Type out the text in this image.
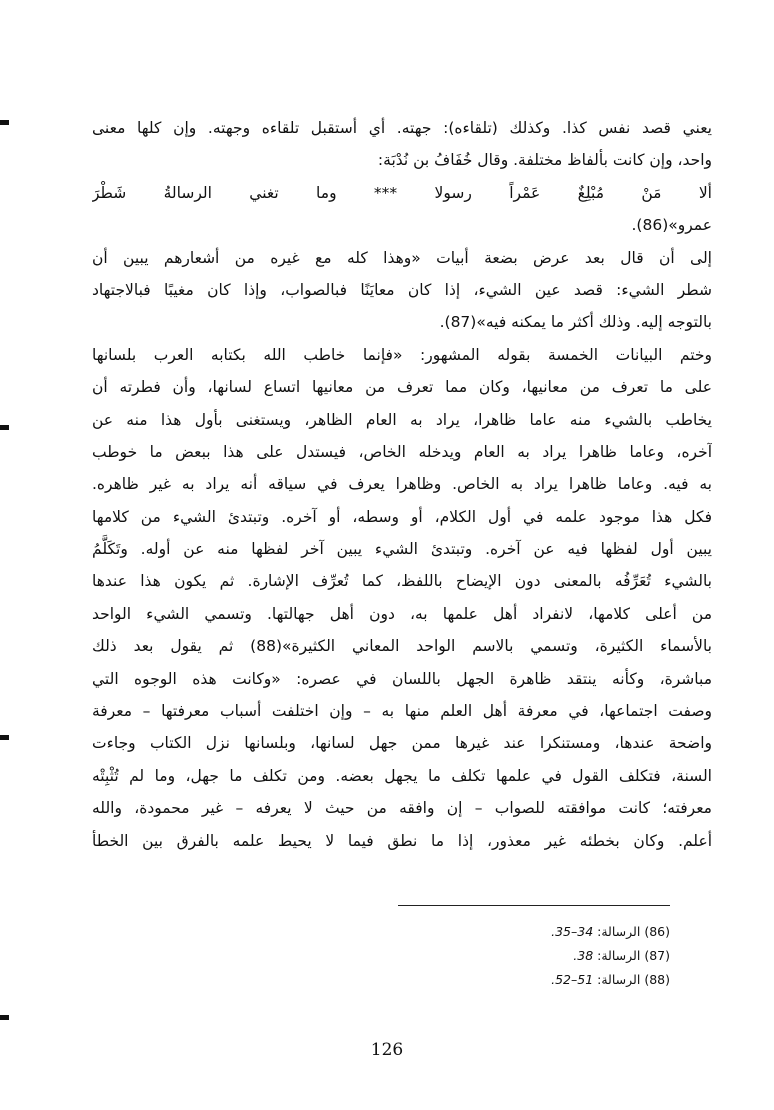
يعني قصد نفس كذا. وكذلك (تلقاءه): جهته. أي أستقبل تلقاءه وجهته. وإن كلها معنى
واحد، وإن كانت بألفاظ مختلفة. وقال خُفَافُ بن نُدْبَة:
ألا مَنْ مُبْلِغٌ عَمْراً رسولا *** وما تغني الرسالةُ شَطْرَ
عمرو»(86).
إلى أن قال بعد عرض بضعة أبيات «وهذا كله مع غيره من أشعارهم يبين أن
شطر الشيء: قصد عين الشيء، إذا كان معايَنًا فبالصواب، وإذا كان مغيبًا فبالاجتهاد
بالتوجه إليه. وذلك أكثر ما يمكنه فيه»(87).
وختم البيانات الخمسة بقوله المشهور: «فإنما خاطب الله بكتابه العرب بلسانها
على ما تعرف من معانيها، وكان مما تعرف من معانيها اتساع لسانها، وأن فطرته أن
يخاطب بالشيء منه عاما ظاهرا، يراد به العام الظاهر، ويستغنى بأول هذا منه عن
آخره، وعاما ظاهرا يراد به العام ويدخله الخاص، فيستدل على هذا ببعض ما خوطب
به فيه. وعاما ظاهرا يراد به الخاص. وظاهرا يعرف في سياقه أنه يراد به غير ظاهره.
فكل هذا موجود علمه في أول الكلام، أو وسطه، أو آخره. وتبتدئ الشيء من كلامها
يبين أول لفظها فيه عن آخره. وتبتدئ الشيء يبين آخر لفظها منه عن أوله. وتَكَلَّمُ
بالشيء تُعَرِّفُه بالمعنى دون الإيضاح باللفظ، كما تُعرِّف الإشارة. ثم يكون هذا عندها
من أعلى كلامها، لانفراد أهل علمها به، دون أهل جهالتها. وتسمي الشيء الواحد
بالأسماء الكثيرة، وتسمي بالاسم الواحد المعاني الكثيرة»(88) ثم يقول بعد ذلك
مباشرة، وكأنه ينتقد ظاهرة الجهل باللسان في عصره: «وكانت هذه الوجوه التي
وصفت اجتماعها، في معرفة أهل العلم منها به – وإن اختلفت أسباب معرفتها – معرفة
واضحة عندها، ومستنكرا عند غيرها ممن جهل لسانها، وبلسانها نزل الكتاب وجاءت
السنة، فتكلف القول في علمها تكلف ما يجهل بعضه. ومن تكلف ما جهل، وما لم تُثْبِتْه
معرفته؛ كانت موافقته للصواب – إن وافقه من حيث لا يعرفه – غير محمودة، والله
أعلم. وكان بخطئه غير معذور، إذا ما نطق فيما لا يحيط علمه بالفرق بين الخطأ
(86) الرسالة: 34–35.
(87) الرسالة: 38.
(88) الرسالة: 51–52.
126
